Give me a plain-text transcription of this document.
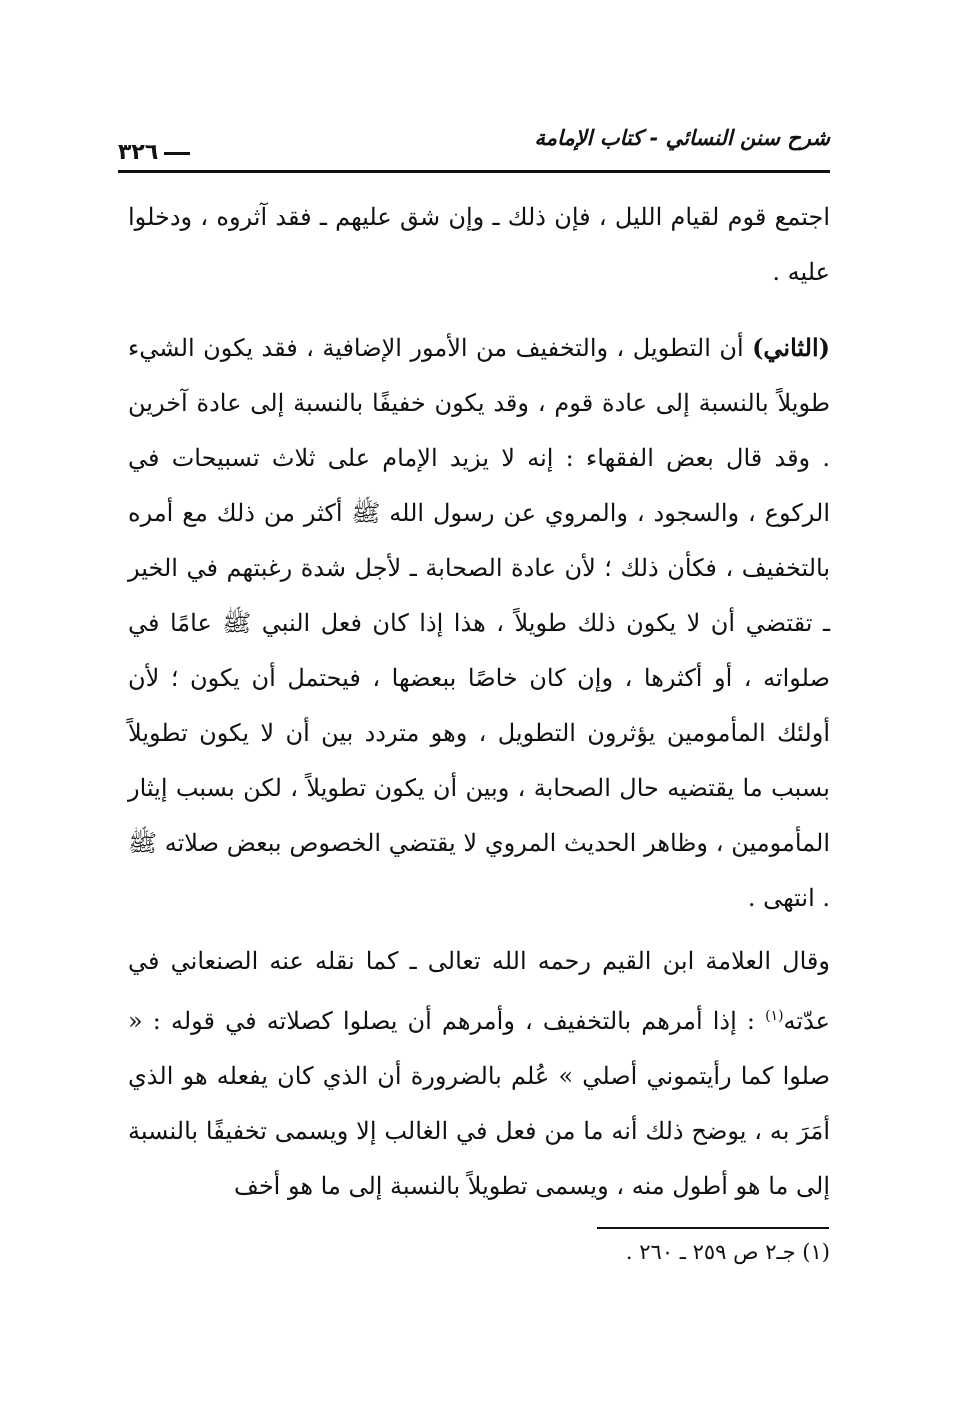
شرح سنن النسائي - كتاب الإمامة
٣٢٦

اجتمع قوم لقيام الليل ، فإن ذلك ـ وإن شق عليهم ـ فقد آثروه ، ودخلوا عليه .

(الثاني) أن التطويل ، والتخفيف من الأمور الإضافية ، فقد يكون الشيء طويلاً بالنسبة إلى عادة قوم ، وقد يكون خفيفًا بالنسبة إلى عادة آخرين . وقد قال بعض الفقهاء : إنه لا يزيد الإمام على ثلاث تسبيحات في الركوع ، والسجود ، والمروي عن رسول الله ﷺ أكثر من ذلك مع أمره بالتخفيف ، فكأن ذلك ؛ لأن عادة الصحابة ـ لأجل شدة رغبتهم في الخير ـ تقتضي أن لا يكون ذلك طويلاً ، هذا إذا كان فعل النبي ﷺ عامًا في صلواته ، أو أكثرها ، وإن كان خاصًا ببعضها ، فيحتمل أن يكون ؛ لأن أولئك المأمومين يؤثرون التطويل ، وهو متردد بين أن لا يكون تطويلاً بسبب ما يقتضيه حال الصحابة ، وبين أن يكون تطويلاً ، لكن بسبب إيثار المأمومين ، وظاهر الحديث المروي لا يقتضي الخصوص ببعض صلاته ﷺ . انتهى .

وقال العلامة ابن القيم رحمه الله تعالى ـ كما نقله عنه الصنعاني في عدّته$^{(١)}$ : إذا أمرهم بالتخفيف ، وأمرهم أن يصلوا كصلاته في قوله : « صلوا كما رأيتموني أصلي » عُلم بالضرورة أن الذي كان يفعله هو الذي أمَرَ به ، يوضح ذلك أنه ما من فعل في الغالب إلا ويسمى تخفيفًا بالنسبة إلى ما هو أطول منه ، ويسمى تطويلاً بالنسبة إلى ما هو أخف

(١) جـ٢ ص ٢٥٩ ـ ٢٦٠ .
